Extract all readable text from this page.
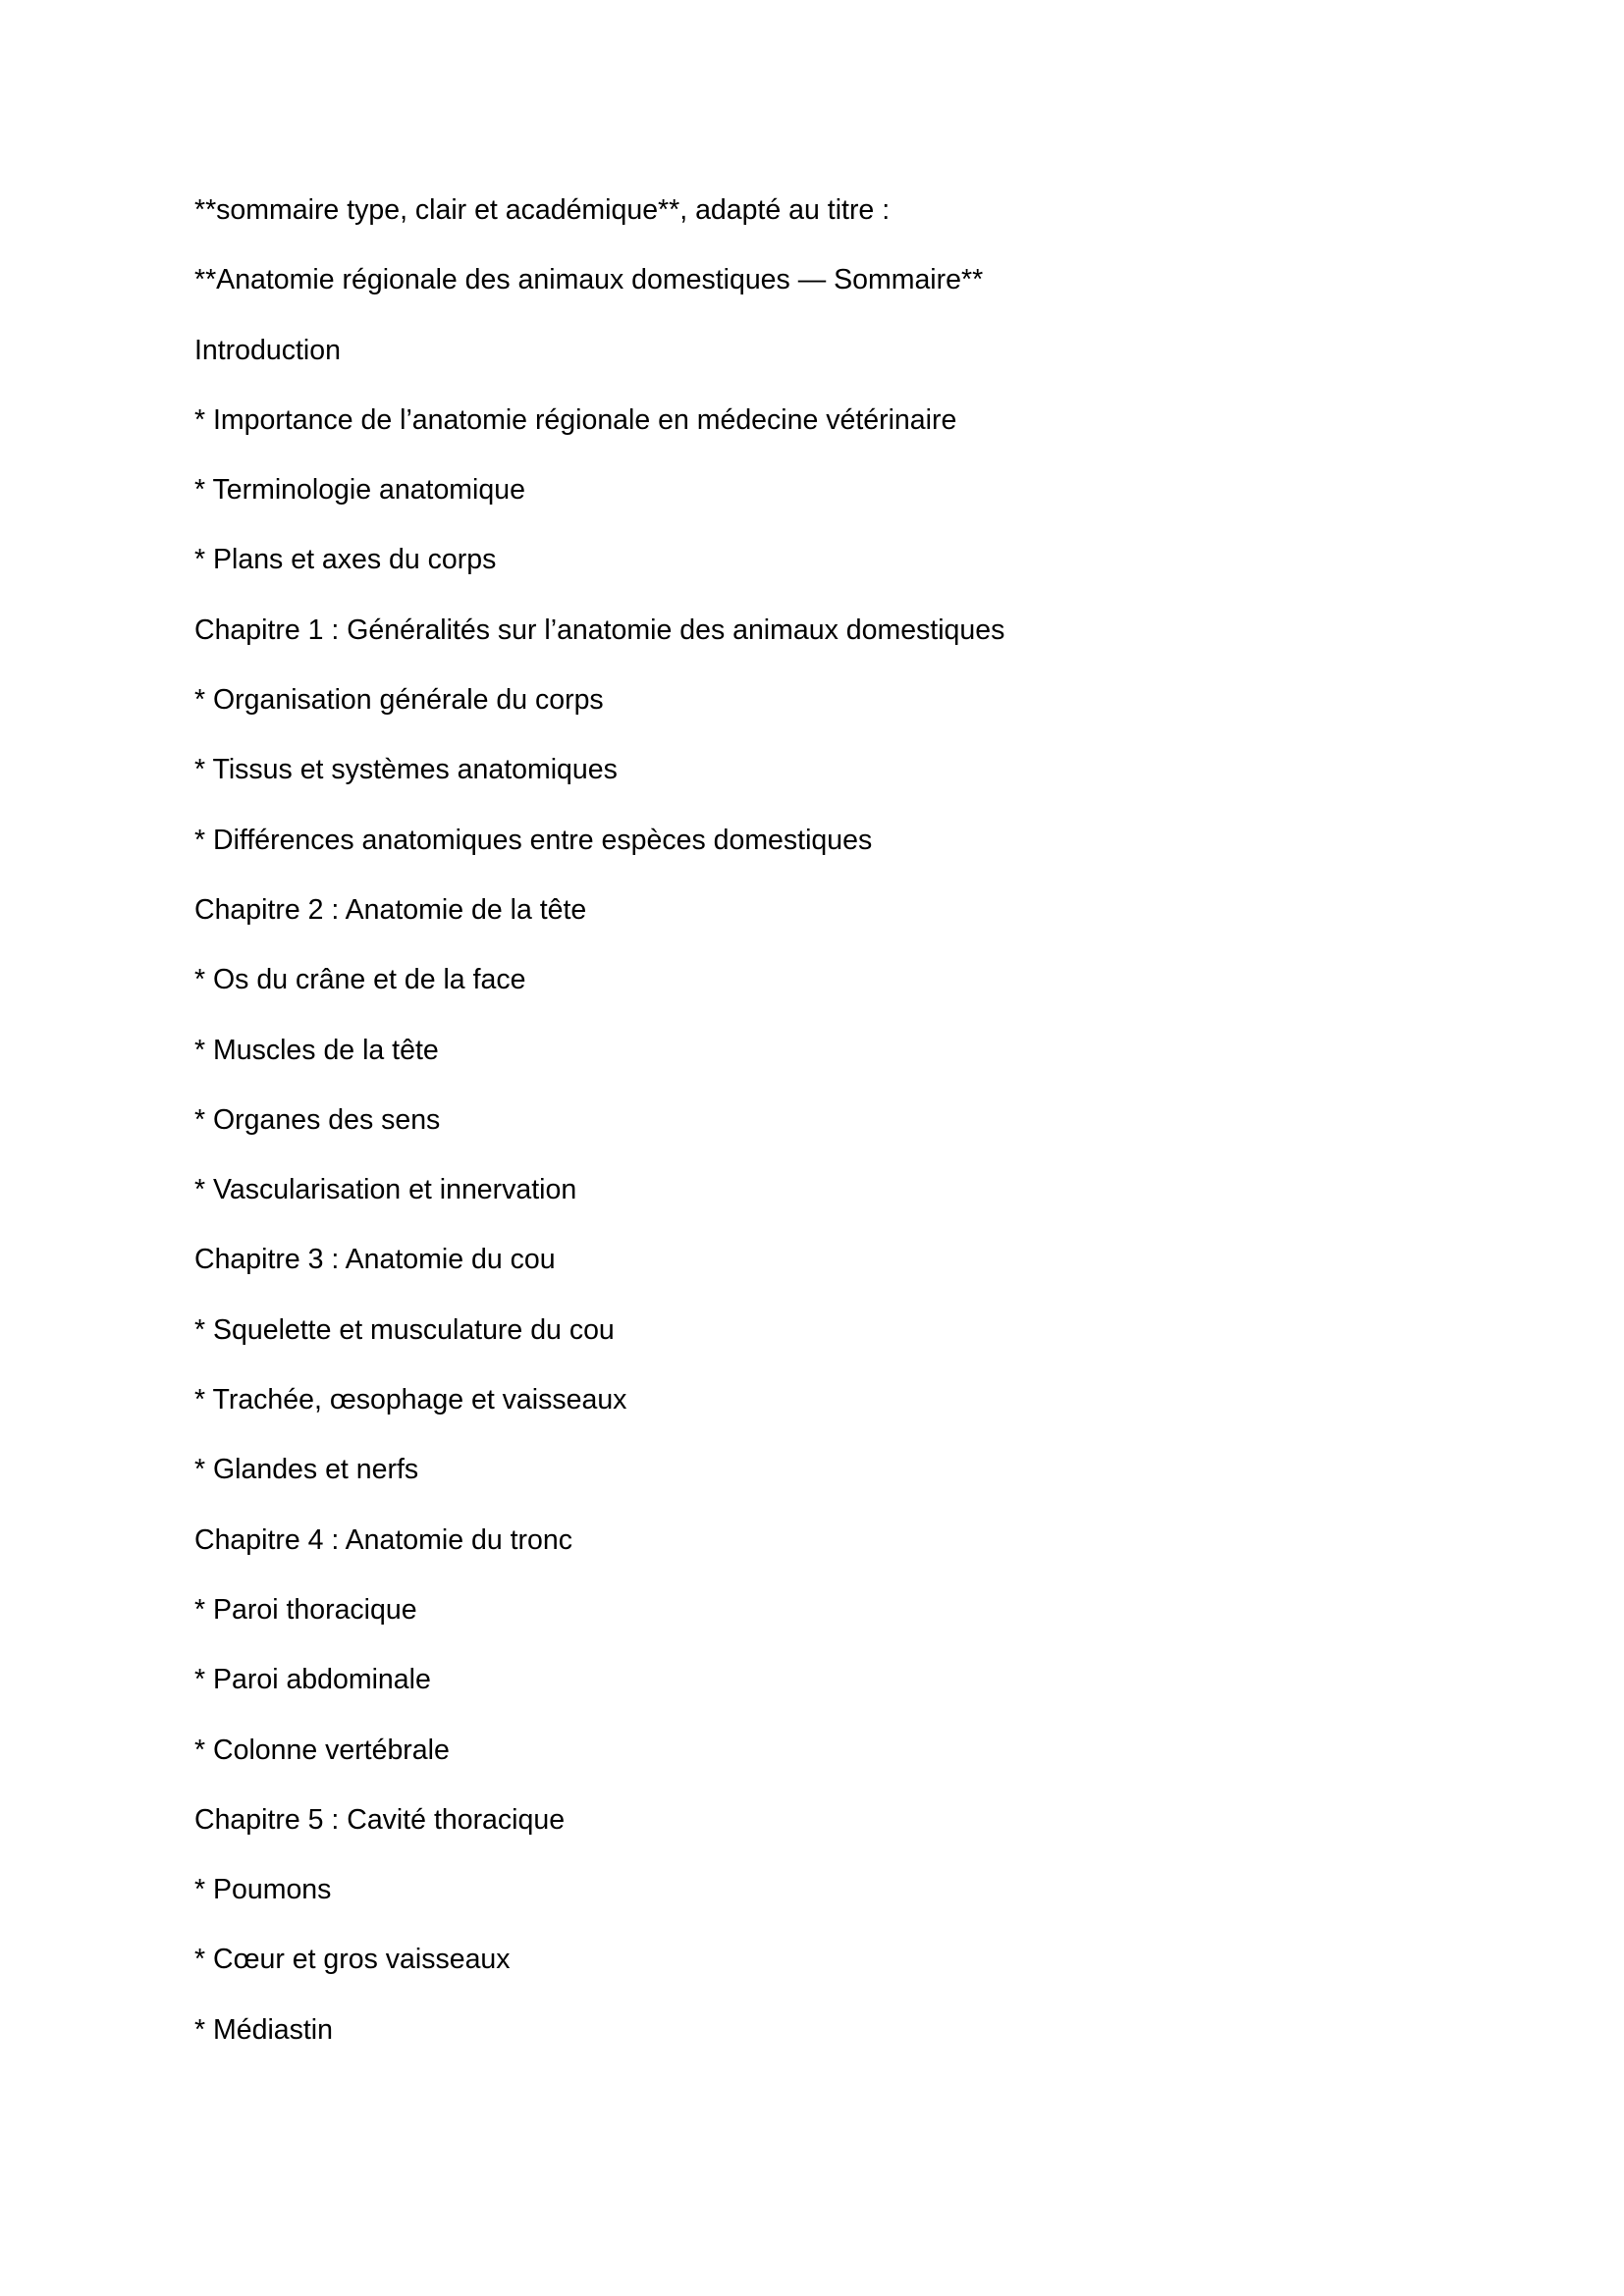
**sommaire type, clair et académique**, adapté au titre :

**Anatomie régionale des animaux domestiques — Sommaire**

Introduction

* Importance de l’anatomie régionale en médecine vétérinaire

* Terminologie anatomique

* Plans et axes du corps

Chapitre 1 : Généralités sur l’anatomie des animaux domestiques

* Organisation générale du corps

* Tissus et systèmes anatomiques

* Différences anatomiques entre espèces domestiques

Chapitre 2 : Anatomie de la tête

* Os du crâne et de la face

* Muscles de la tête

* Organes des sens

* Vascularisation et innervation

Chapitre 3 : Anatomie du cou

* Squelette et musculature du cou

* Trachée, œsophage et vaisseaux

* Glandes et nerfs

Chapitre 4 : Anatomie du tronc

* Paroi thoracique

* Paroi abdominale

* Colonne vertébrale

Chapitre 5 : Cavité thoracique

* Poumons

* Cœur et gros vaisseaux

* Médiastin
